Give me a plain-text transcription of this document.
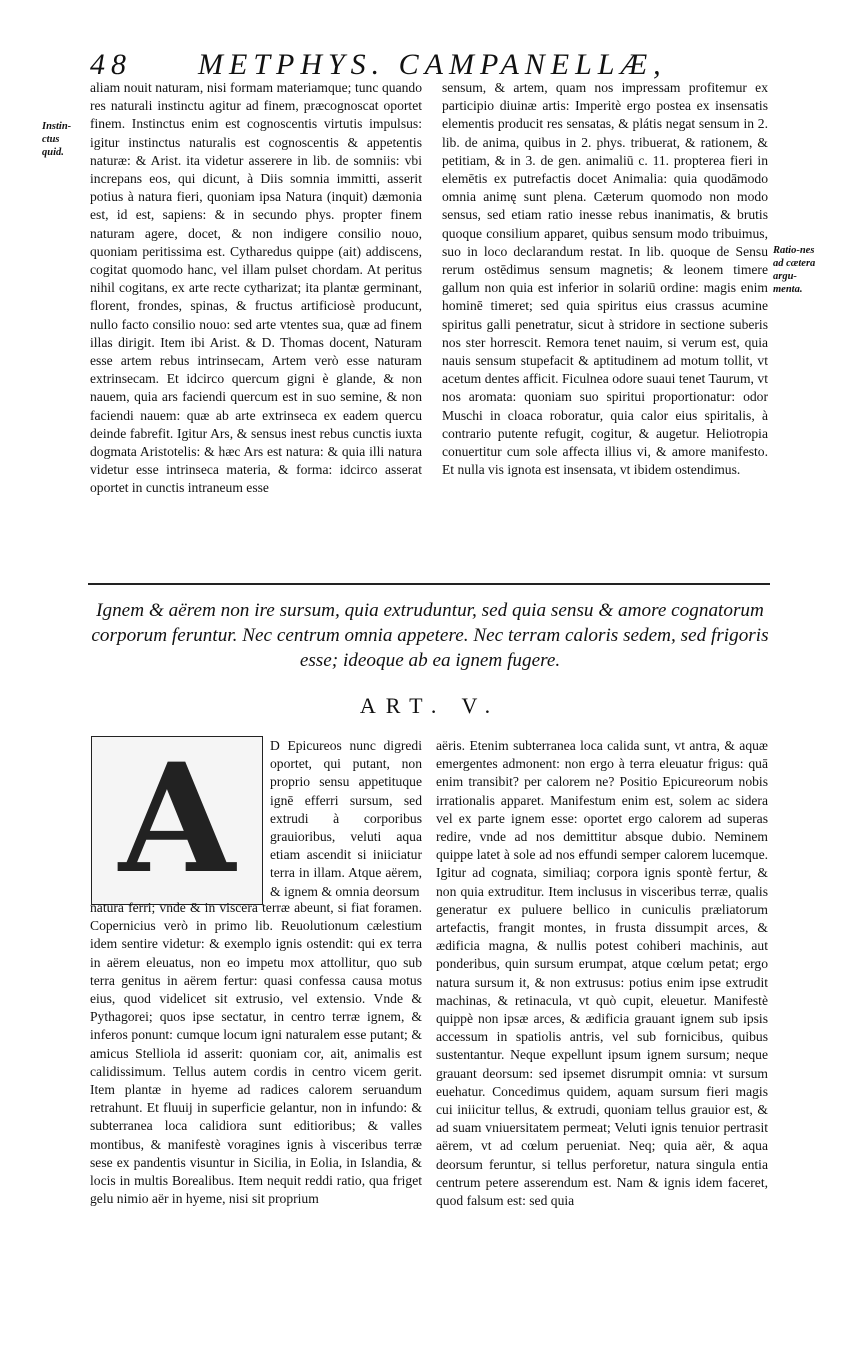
48 METPHYS. CAMPANELLÆ,
Instin-ctus quid.
Ratio-nes ad cætera argu-menta.

aliam nouit naturam, nisi formam materiamque; tunc quando res naturali instinctu agitur ad finem, præcognoscat oportet finem. Instinctus enim est cognoscentis virtutis impulsus: igitur instinctus naturalis est cognoscentis & appetentis naturæ: & Arist. ita videtur asserere in lib. de somniis: vbi increpans eos, qui dicunt, à Diis somnia immitti, asserit potius à natura fieri, quoniam ipsa Natura (inquit) dæmonia est, id est, sapiens: & in secundo phys. propter finem naturam agere, docet, & non indigere consilio nouo, quoniam peritissima est. Cytharedus quippe (ait) addiscens, cogitat quomodo hanc, vel illam pulset chordam. At peritus nihil cogitans, ex arte recte cytharizat; ita plantæ germinant, florent, frondes, spinas, & fructus artificiosè producunt, nullo facto consilio nouo: sed arte vtentes sua, quæ ad finem illas dirigit. Item ibi Arist. & D. Thomas docent, Naturam esse artem rebus intrinsecam, Artem verò esse naturam extrinsecam. Et idcirco quercum gigni è glande, & non nauem, quia ars faciendi quercum est in suo semine, & non faciendi nauem: quæ ab arte extrinseca ex eadem quercu deinde fabrefit. Igitur Ars, & sensus inest rebus cunctis iuxta dogmata Aristotelis: & hæc Ars est natura: & quia illi natura videtur esse intrinseca materia, & forma: idcirco asserat oportet in cunctis intraneum esse

sensum, & artem, quam nos impressam profitemur ex participio diuinæ artis: Imperitè ergo postea ex insensatis elementis producit res sensatas, & plátis negat sensum in 2. lib. de anima, quibus in 2. phys. tribuerat, & rationem, & petitiam, & in 3. de gen. animaliū c. 11. propterea fieri in elemētis ex putrefactis docet Animalia: quia quodāmodo omnia animę sunt plena. Cæterum quomodo non modo sensus, sed etiam ratio inesse rebus inanimatis, & brutis quoque consilium apparet, quibus sensum modo tribuimus, suo in loco declarandum restat. In lib. quoque de Sensu rerum ostēdimus sensum magnetis; & leonem timere gallum non quia est inferior in solariū ordine: magis enim hominē timeret; sed quia spiritus eius crassus acumine spiritus galli penetratur, sicut à stridore in sectione suberis nos ster horrescit. Remora tenet nauim, si verum est, quia nauis sensum stupefacit & aptitudinem ad motum tollit, vt acetum dentes afficit. Ficulnea odore suaui tenet Taurum, vt nos aromata: quoniam suo spiritui proportionatur: odor Muschi in cloaca roboratur, quia calor eius spiritalis, à contrario putente refugit, cogitur, & augetur. Heliotropia conuertitur cum sole affecta illius vi, & amore manifesto. Et nulla vis ignota est insensata, vt ibidem ostendimus.

Ignem & aërem non ire sursum, quia extruduntur, sed quia sensu & amore cognatorum corporum feruntur. Nec centrum omnia appetere. Nec terram caloris sedem, sed frigoris esse; ideoque ab ea ignem fugere.
ART. V.
A	D Epicureos nunc digredi oportet, qui putant, non proprio sensu appetituque ignē efferri sursum, sed extrudi à corporibus grauioribus, veluti aqua etiam ascendit si iniiciatur terra in illam. Atque aërem, & ignem & omnia deorsum

natura ferri; vnde & in viscera terræ abeunt, si fiat foramen. Copernicius verò in primo lib. Reuolutionum cælestium idem sentire videtur: & exemplo ignis ostendit: qui ex terra in aërem eleuatus, non eo impetu mox attollitur, quo sub terra genitus in aërem fertur: quasi confessa causa motus eius, quod videlicet sit extrusio, vel extensio. Vnde & Pythagorei; quos ipse sectatur, in centro terræ ignem, & inferos ponunt: cumque locum igni naturalem esse putant; & amicus Stelliola id asserit: quoniam cor, ait, animalis est calidissimum. Tellus autem cordis in centro vicem gerit. Item plantæ in hyeme ad radices calorem seruandum retrahunt. Et fluuij in superficie gelantur, non in infundo: & subterranea loca calidiora sunt editioribus; & valles montibus, & manifestè voragines ignis à visceribus terræ sese ex pandentis visuntur in Sicilia, in Eolia, in Islandia, & locis in multis Borealibus. Item nequit reddi ratio, qua friget gelu nimio aër in hyeme, nisi sit proprium

aëris. Etenim subterranea loca calida sunt, vt antra, & aquæ emergentes admonent: non ergo à terra eleuatur frigus: quā enim transibit? per calorem ne? Positio Epicureorum nobis irrationalis apparet. Manifestum enim est, solem ac sidera vel ex parte ignem esse: oportet ergo calorem ad superas redire, vnde ad nos demittitur absque dubio. Neminem quippe latet à sole ad nos effundi semper calorem lucemque. Igitur ad cognata, similiaq; corpora ignis spontè fertur, & non quia extruditur. Item inclusus in visceribus terræ, qualis generatur ex puluere bellico in cuniculis præliatorum artefactis, frangit montes, in frusta dissumpit arces, & ædificia magna, & nullis potest cohiberi machinis, aut ponderibus, quin sursum erumpat, atque cœlum petat; ergo natura sursum it, & non extrusus: potius enim ipse extrudit machinas, & retinacula, vt quò cupit, eleuetur. Manifestè quippè non ipsæ arces, & ædificia grauant ignem sub ipsis accessum in spatiolis antris, vel sub fornicibus, quibus sustentantur. Neque expellunt ipsum ignem sursum; neque grauant deorsum: sed ipsemet disrumpit omnia: vt sursum euehatur. Concedimus quidem, aquam sursum fieri magis cui iniicitur tellus, & extrudi, quoniam tellus grauior est, & ad suam vniuersitatem permeat; Veluti ignis tenuior pertrasit aërem, vt ad cœlum perueniat. Neq; quia aër, & aqua deorsum feruntur, si tellus perforetur, natura singula entia centrum petere asserendum est. Nam & ignis idem faceret, quod falsum est: sed quia
